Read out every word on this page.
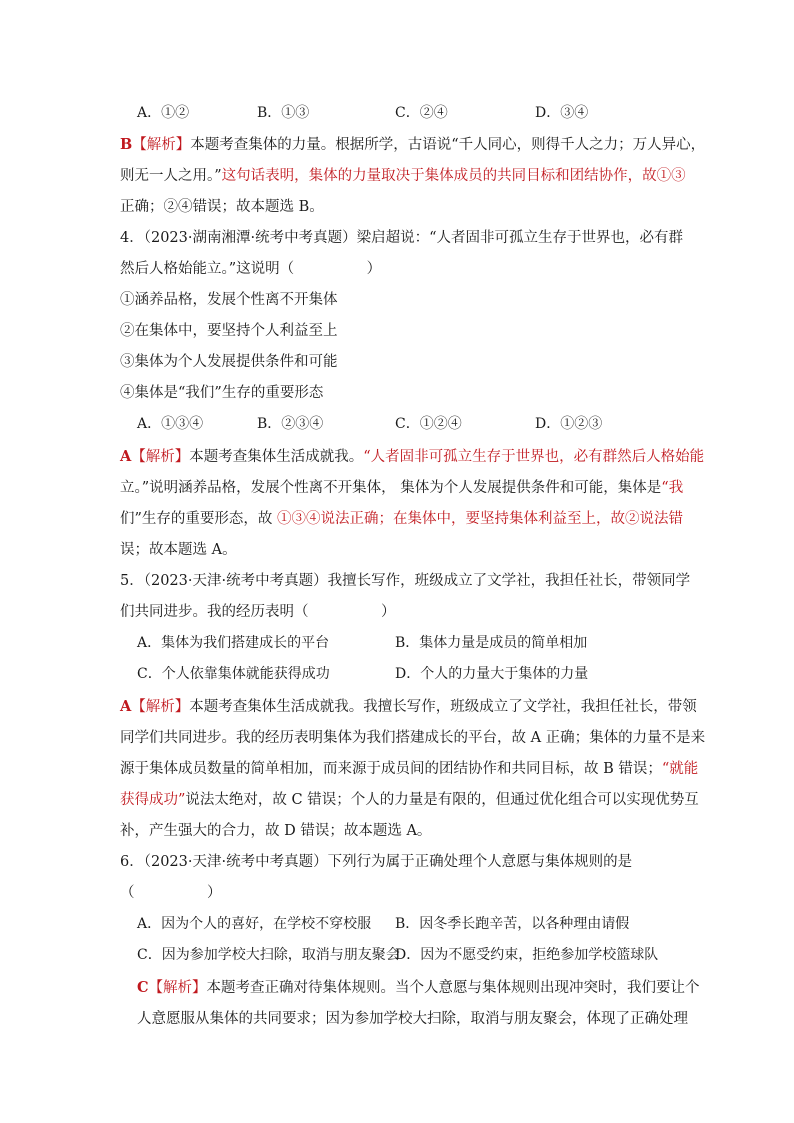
A．①②	B．①③	C．②④	D．③④
B【解析】本题考查集体的力量。根据所学，古语说“千人同心，则得千人之力；万人异心，
则无一人之用。”这句话表明，集体的力量取决于集体成员的共同目标和团结协作，故①③
正确；②④错误；故本题选 B。
4．（2023·湖南湘潭·统考中考真题）梁启超说：“人者固非可孤立生存于世界也，必有群
然后人格始能立。”这说明（　　　　　）
①涵养品格，发展个性离不开集体
②在集体中，要坚持个人利益至上
③集体为个人发展提供条件和可能
④集体是“我们”生存的重要形态
A．①③④	B．②③④	C．①②④	D．①②③
A【解析】本题考查集体生活成就我。“人者固非可孤立生存于世界也，必有群然后人格始能
立。”说明涵养品格，发展个性离不开集体， 集体为个人发展提供条件和可能，集体是“我
们”生存的重要形态，故 ①③④说法正确；在集体中，要坚持集体利益至上，故②说法错
误；故本题选 A。
5．（2023·天津·统考中考真题）我擅长写作，班级成立了文学社，我担任社长，带领同学
们共同进步。我的经历表明（　　　　　）
A．集体为我们搭建成长的平台	B．集体力量是成员的简单相加
C．个人依靠集体就能获得成功	D．个人的力量大于集体的力量
A【解析】本题考查集体生活成就我。我擅长写作，班级成立了文学社，我担任社长，带领
同学们共同进步。我的经历表明集体为我们搭建成长的平台，故 A 正确；集体的力量不是来
源于集体成员数量的简单相加，而来源于成员间的团结协作和共同目标，故 B 错误；“就能
获得成功”说法太绝对，故 C 错误；个人的力量是有限的，但通过优化组合可以实现优势互
补，产生强大的合力，故 D 错误；故本题选 A。
6．（2023·天津·统考中考真题）下列行为属于正确处理个人意愿与集体规则的是
（　　　　　）
A．因为个人的喜好，在学校不穿校服 B．因冬季长跑辛苦，以各种理由请假
C．因为参加学校大扫除，取消与朋友聚会
D．因为不愿受约束，拒绝参加学校篮球队
C【解析】本题考查正确对待集体规则。当个人意愿与集体规则出现冲突时，我们要让个
人意愿服从集体的共同要求；因为参加学校大扫除，取消与朋友聚会，体现了正确处理
